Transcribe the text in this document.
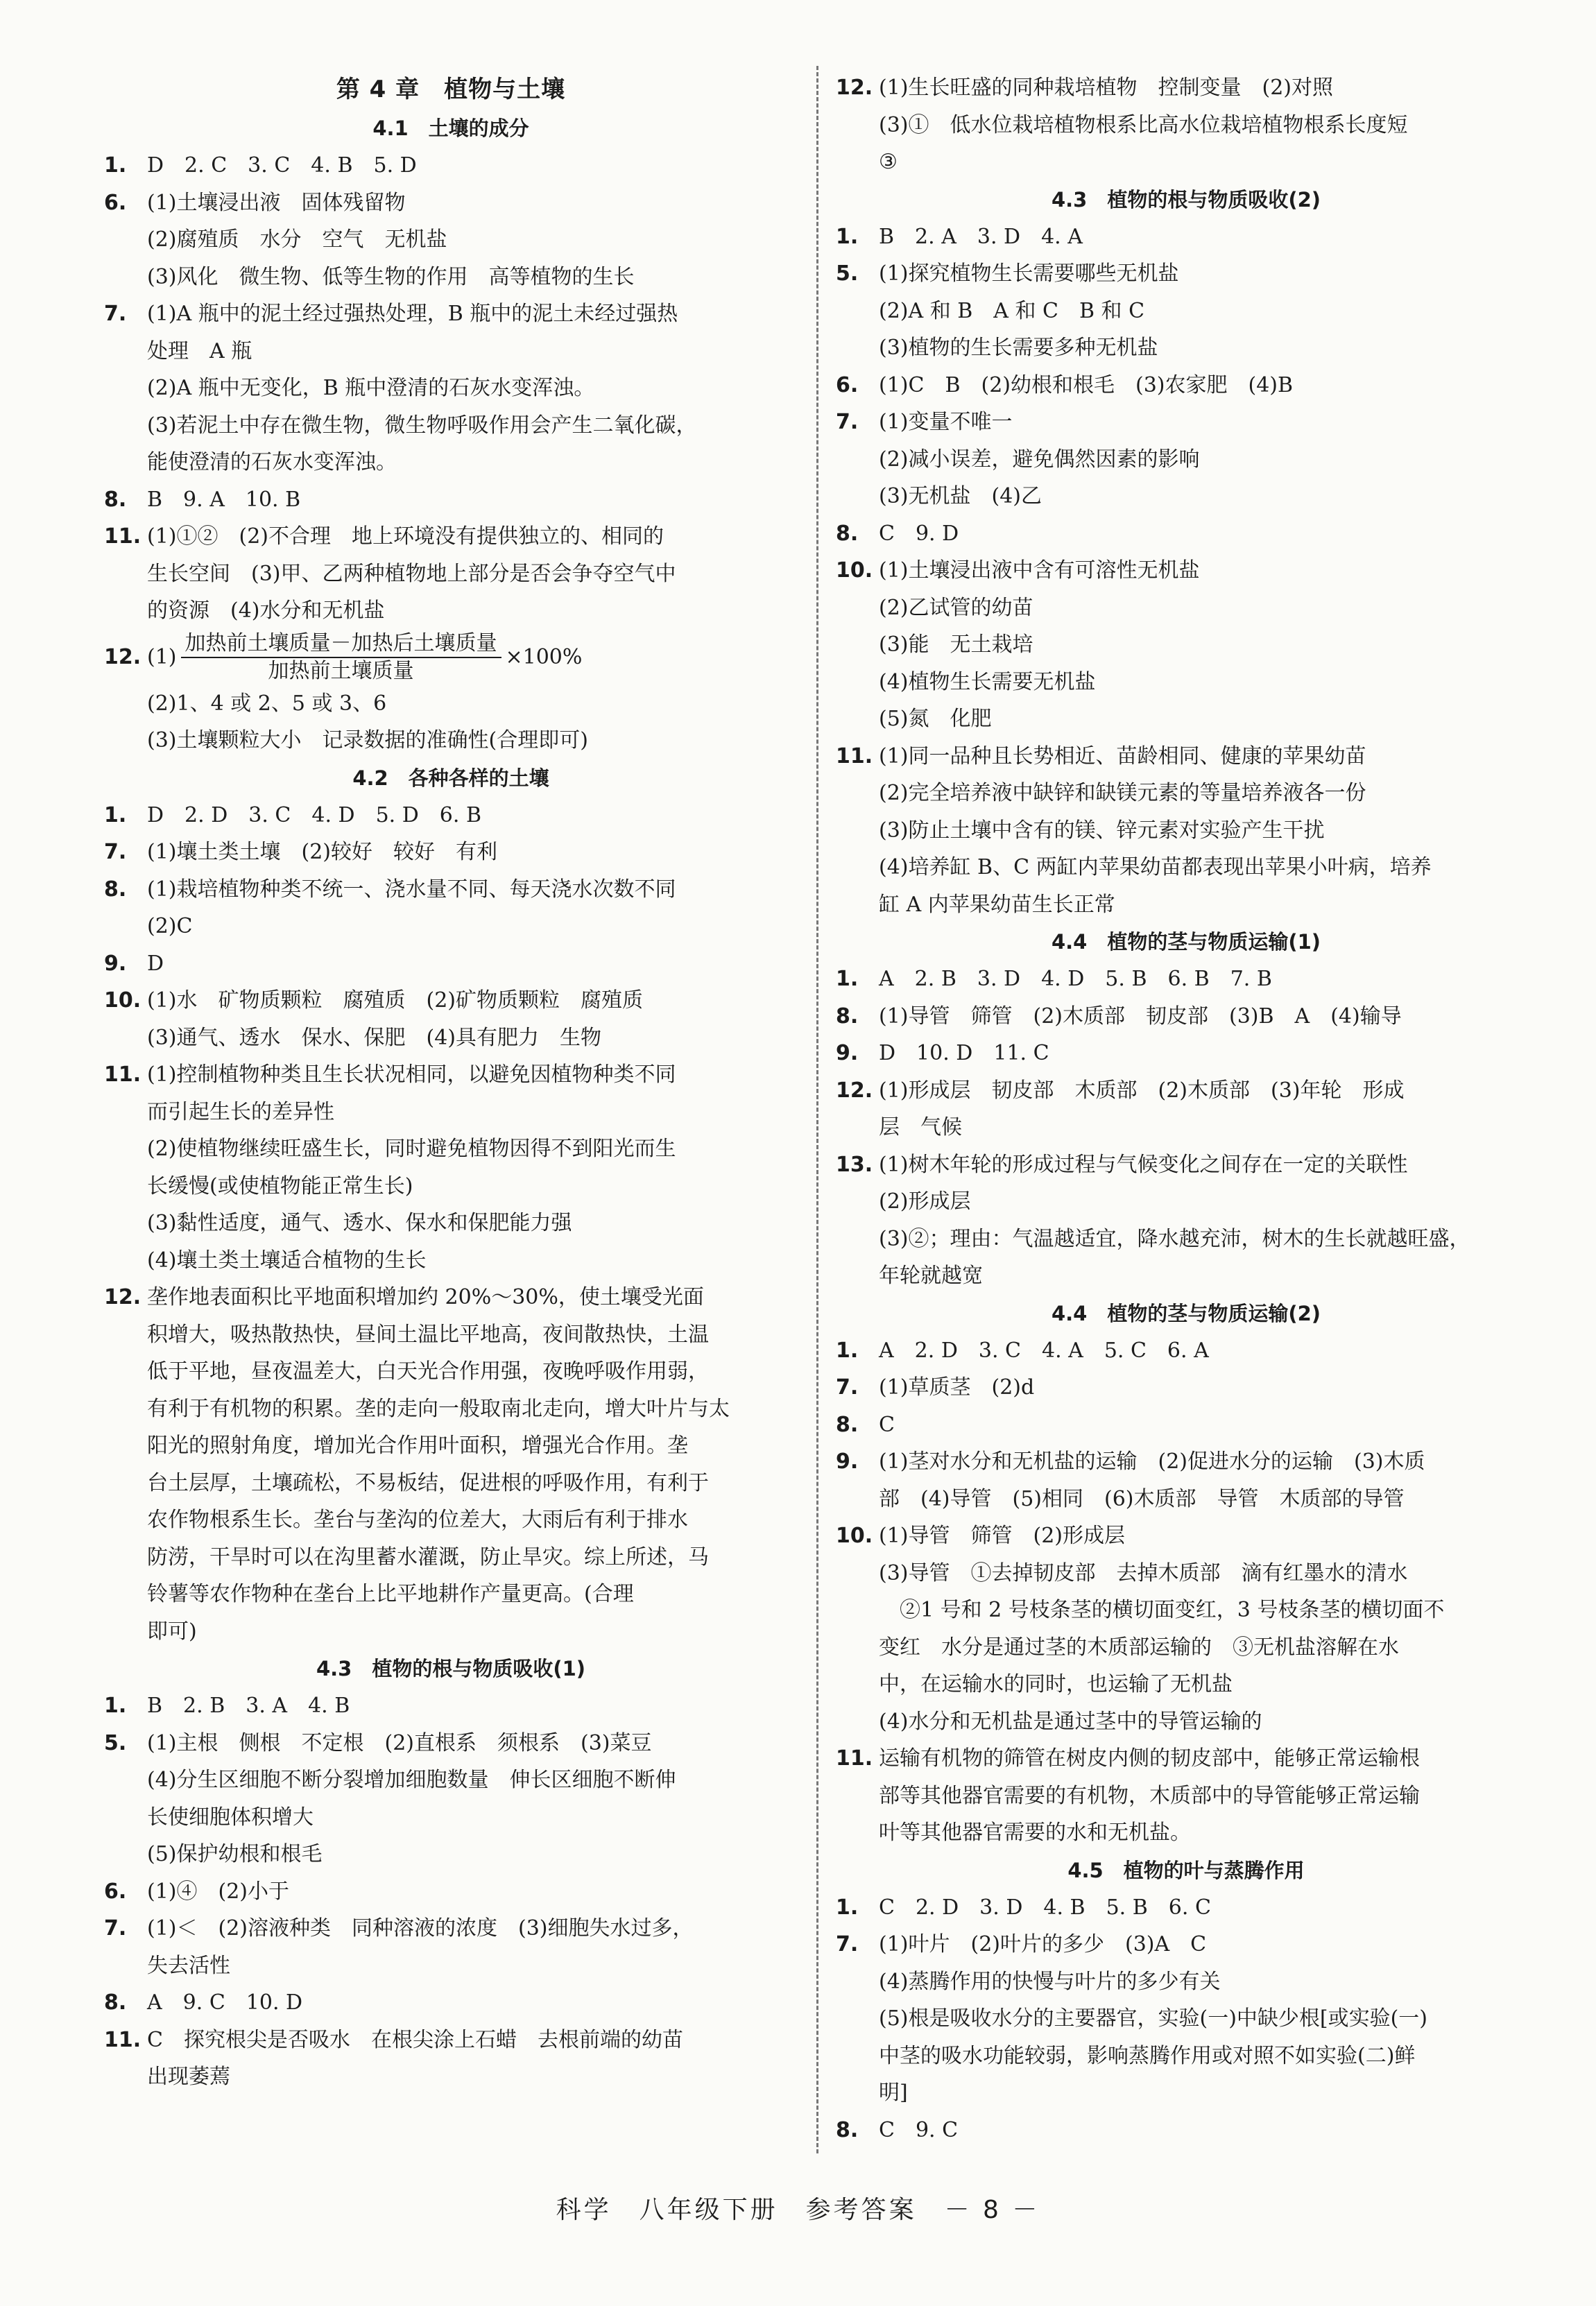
第 4 章　植物与土壤
4.1　土壤的成分
1. D　2. C　3. C　4. B　5. D
6. (1)土壤浸出液　固体残留物
(2)腐殖质　水分　空气　无机盐
(3)风化　微生物、低等生物的作用　高等植物的生长
7. (1)A 瓶中的泥土经过强热处理，B 瓶中的泥土未经过强热
处理　A 瓶
(2)A 瓶中无变化，B 瓶中澄清的石灰水变浑浊。
(3)若泥土中存在微生物，微生物呼吸作用会产生二氧化碳，
能使澄清的石灰水变浑浊。
8. B　9. A　10. B
11. (1)①②　(2)不合理　地上环境没有提供独立的、相同的
生长空间　(3)甲、乙两种植物地上部分是否会争夺空气中
的资源　(4)水分和无机盐
12. $(1) \frac{\text{加热前土壤质量－加热后土壤质量}}{\text{加热前土壤质量}} \times 100\%$
(2)1、4 或 2、5 或 3、6
(3)土壤颗粒大小　记录数据的准确性(合理即可)
4.2　各种各样的土壤
1. D　2. D　3. C　4. D　5. D　6. B
7. (1)壤土类土壤　(2)较好　较好　有利
8. (1)栽培植物种类不统一、浇水量不同、每天浇水次数不同
(2)C
9. D
10. (1)水　矿物质颗粒　腐殖质　(2)矿物质颗粒　腐殖质
(3)通气、透水　保水、保肥　(4)具有肥力　生物
11. (1)控制植物种类且生长状况相同，以避免因植物种类不同
而引起生长的差异性
(2)使植物继续旺盛生长，同时避免植物因得不到阳光而生
长缓慢(或使植物能正常生长)
(3)黏性适度，通气、透水、保水和保肥能力强
(4)壤土类土壤适合植物的生长
12. 垄作地表面积比平地面积增加约 20%～30%，使土壤受光面
积增大，吸热散热快，昼间土温比平地高，夜间散热快，土温
低于平地，昼夜温差大，白天光合作用强，夜晚呼吸作用弱，
有利于有机物的积累。垄的走向一般取南北走向，增大叶片与太
阳光的照射角度，增加光合作用叶面积，增强光合作用。垄
台土层厚，土壤疏松，不易板结，促进根的呼吸作用，有利于
农作物根系生长。垄台与垄沟的位差大，大雨后有利于排水
防涝，干旱时可以在沟里蓄水灌溉，防止旱灾。综上所述，马
铃薯等农作物种在垄台上比平地耕作产量更高。(合理
即可)
4.3　植物的根与物质吸收(1)
1. B　2. B　3. A　4. B
5. (1)主根　侧根　不定根　(2)直根系　须根系　(3)菜豆
(4)分生区细胞不断分裂增加细胞数量　伸长区细胞不断伸
长使细胞体积增大
(5)保护幼根和根毛
6. (1)④　(2)小于
7. (1)＜　(2)溶液种类　同种溶液的浓度　(3)细胞失水过多，
失去活性
8. A　9. C　10. D
11. C　探究根尖是否吸水　在根尖涂上石蜡　去根前端的幼苗
出现萎蔫
12. (1)生长旺盛的同种栽培植物　控制变量　(2)对照
(3)①　低水位栽培植物根系比高水位栽培植物根系长度短
③
4.3　植物的根与物质吸收(2)
1. B　2. A　3. D　4. A
5. (1)探究植物生长需要哪些无机盐
(2)A 和 B　A 和 C　B 和 C
(3)植物的生长需要多种无机盐
6. (1)C　B　(2)幼根和根毛　(3)农家肥　(4)B
7. (1)变量不唯一
(2)减小误差，避免偶然因素的影响
(3)无机盐　(4)乙
8. C　9. D
10. (1)土壤浸出液中含有可溶性无机盐
(2)乙试管的幼苗
(3)能　无土栽培
(4)植物生长需要无机盐
(5)氮　化肥
11. (1)同一品种且长势相近、苗龄相同、健康的苹果幼苗
(2)完全培养液中缺锌和缺镁元素的等量培养液各一份
(3)防止土壤中含有的镁、锌元素对实验产生干扰
(4)培养缸 B、C 两缸内苹果幼苗都表现出苹果小叶病，培养
缸 A 内苹果幼苗生长正常
4.4　植物的茎与物质运输(1)
1. A　2. B　3. D　4. D　5. B　6. B　7. B
8. (1)导管　筛管　(2)木质部　韧皮部　(3)B　A　(4)输导
9. D　10. D　11. C
12. (1)形成层　韧皮部　木质部　(2)木质部　(3)年轮　形成
层　气候
13. (1)树木年轮的形成过程与气候变化之间存在一定的关联性
(2)形成层
(3)②；理由：气温越适宜，降水越充沛，树木的生长就越旺盛，
年轮就越宽
4.4　植物的茎与物质运输(2)
1. A　2. D　3. C　4. A　5. C　6. A
7. (1)草质茎　(2)d
8. C
9. (1)茎对水分和无机盐的运输　(2)促进水分的运输　(3)木质
部　(4)导管　(5)相同　(6)木质部　导管　木质部的导管
10. (1)导管　筛管　(2)形成层
(3)导管　①去掉韧皮部　去掉木质部　滴有红墨水的清水
　②1 号和 2 号枝条茎的横切面变红，3 号枝条茎的横切面不
变红　水分是通过茎的木质部运输的　③无机盐溶解在水
中，在运输水的同时，也运输了无机盐
(4)水分和无机盐是通过茎中的导管运输的
11. 运输有机物的筛管在树皮内侧的韧皮部中，能够正常运输根
部等其他器官需要的有机物，木质部中的导管能够正常运输
叶等其他器官需要的水和无机盐。
4.5　植物的叶与蒸腾作用
1. C　2. D　3. D　4. B　5. B　6. C
7. (1)叶片　(2)叶片的多少　(3)A　C
(4)蒸腾作用的快慢与叶片的多少有关
(5)根是吸收水分的主要器官，实验(一)中缺少根[或实验(一)
中茎的吸水功能较弱，影响蒸腾作用或对照不如实验(二)鲜
明]
8. C　9. C
科学　八年级下册　参考答案　－ 8 －
